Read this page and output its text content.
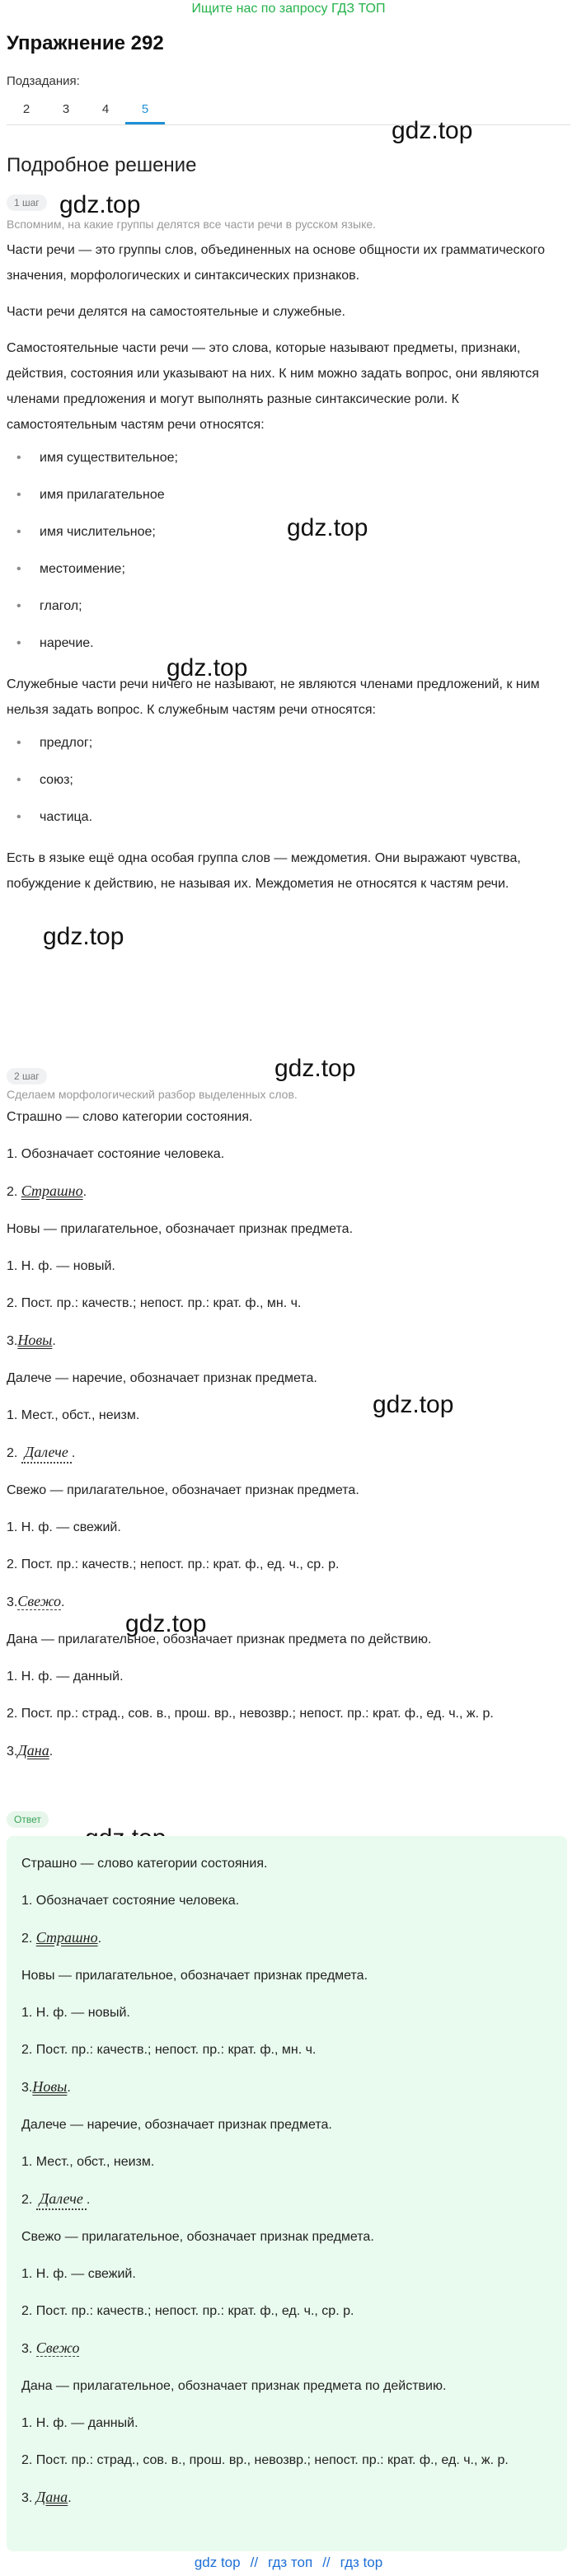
Ищите нас по запросу ГДЗ ТОП
Упражнение 292
Подзадания:
2	3	4	5
Подробное решение
gdz.top
gdz.top
gdz.top
gdz.top
gdz.top
gdz.top
gdz.top
gdz.top
1 шаг
Вспомним, на какие группы делятся все части речи в русском языке.
Части речи — это группы слов, объединенных на основе общности их грамматического значения, морфологических и синтаксических признаков.
Части речи делятся на самостоятельные и служебные.
Самостоятельные части речи — это слова, которые называют предметы, признаки, действия, состояния или указывают на них. К ним можно задать вопрос, они являются членами предложения и могут выполнять разные синтаксические роли. К самостоятельным частям речи относятся:
• имя существительное;
• имя прилагательное
• имя числительное;
• местоимение;
• глагол;
• наречие.
Служебные части речи ничего не называют, не являются членами предложений, к ним нельзя задать вопрос. К служебным частям речи относятся:
• предлог;
• союз;
• частица.
Есть в языке ещё одна особая группа слов — междометия. Они выражают чувства, побуждение к действию, не называя их. Междометия не относятся к частям речи.
2 шаг
Сделаем морфологический разбор выделенных слов.
Страшно — слово категории состояния.
1. Обозначает состояние человека.
2. Страшно.
Новы — прилагательное, обозначает признак предмета.
1. Н. ф. — новый.
2. Пост. пр.: качеств.; непост. пр.: крат. ф., мн. ч.
3.Новы.
Далече — наречие, обозначает признак предмета.
1. Мест., обст., неизм.
2. Далече .
Свежо — прилагательное, обозначает признак предмета.
1. Н. ф. — свежий.
2. Пост. пр.: качеств.; непост. пр.: крат. ф., ед. ч., ср. р.
3.Свежо.
Дана — прилагательное, обозначает признак предмета по действию.
1. Н. ф. — данный.
2. Пост. пр.: страд., сов. в., прош. вр., невозвр.; непост. пр.: крат. ф., ед. ч., ж. р.
3.Дана.
Ответ
Страшно — слово категории состояния.
1. Обозначает состояние человека.
2. Страшно.
Новы — прилагательное, обозначает признак предмета.
1. Н. ф. — новый.
2. Пост. пр.: качеств.; непост. пр.: крат. ф., мн. ч.
3.Новы.
Далече — наречие, обозначает признак предмета.
1. Мест., обст., неизм.
2. Далече .
Свежо — прилагательное, обозначает признак предмета.
1. Н. ф. — свежий.
2. Пост. пр.: качеств.; непост. пр.: крат. ф., ед. ч., ср. р.
3. Свежо
Дана — прилагательное, обозначает признак предмета по действию.
1. Н. ф. — данный.
2. Пост. пр.: страд., сов. в., прош. вр., невозвр.; непост. пр.: крат. ф., ед. ч., ж. р.
3. Дана.
gdz top // гдз топ // гдз top
